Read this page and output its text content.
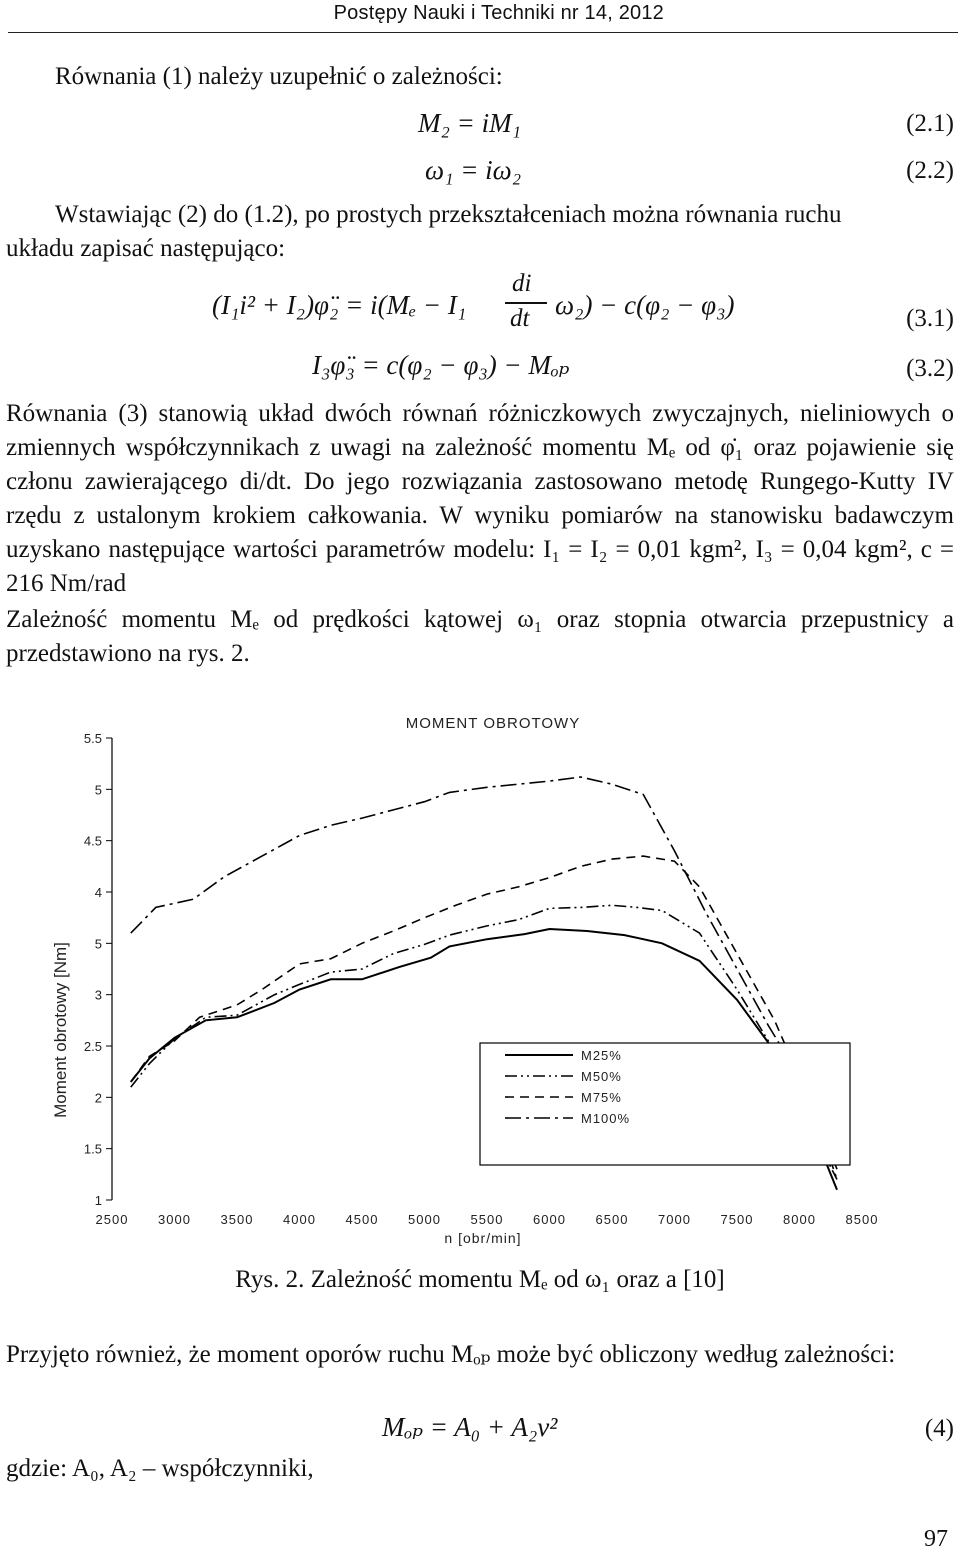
Postępy Nauki i Techniki nr 14, 2012
Równania (1) należy uzupełnić o zależności:
M₂ = iM₁	(2.1)
ω₁ = iω₂	(2.2)
Wstawiając (2) do (1.2), po prostych przekształceniach można równania ruchu
układu zapisać następująco:
(I₁i² + I₂)φ̈₂ = i(Mₑ − I₁
di
dt ω₂) − c(φ₂ − φ₃)	(3.1)
I₃φ̈₃ = c(φ₂ − φ₃) − Mₒₚ	(3.2)
Równania (3) stanowią układ dwóch równań różniczkowych zwyczajnych, nieliniowych o zmiennych współczynnikach z uwagi na zależność momentu Mₑ od φ̇₁ oraz pojawienie się członu zawierającego di/dt. Do jego rozwiązania zastosowano metodę Rungego-Kutty IV rzędu z ustalonym krokiem całkowania. W wyniku pomiarów na stanowisku badawczym uzyskano następujące wartości parametrów modelu: I₁ = I₂ = 0,01 kgm², I₃ = 0,04 kgm², c = 216 Nm/rad
Zależność momentu Mₑ od prędkości kątowej ω₁ oraz stopnia otwarcia przepustnicy a przedstawiono na rys. 2.
MOMENT OBROTOWY
Moment obrotowy [Nm]
n [obr/min]
1
1.5
2
2.5
3
5
4
4.5
5
5.5
2500 3000 3500 4000 4500 5000 5500 6000 6500 7000 7500 8000 8500
M25%
M50%
M75%
M100%
Rys. 2. Zależność momentu Mₑ od ω₁ oraz a [10]
Przyjęto również, że moment oporów ruchu Mₒₚ może być obliczony według zależności:
Mₒₚ = A₀ + A₂v²	(4)
gdzie: A₀, A₂ – współczynniki,
97
